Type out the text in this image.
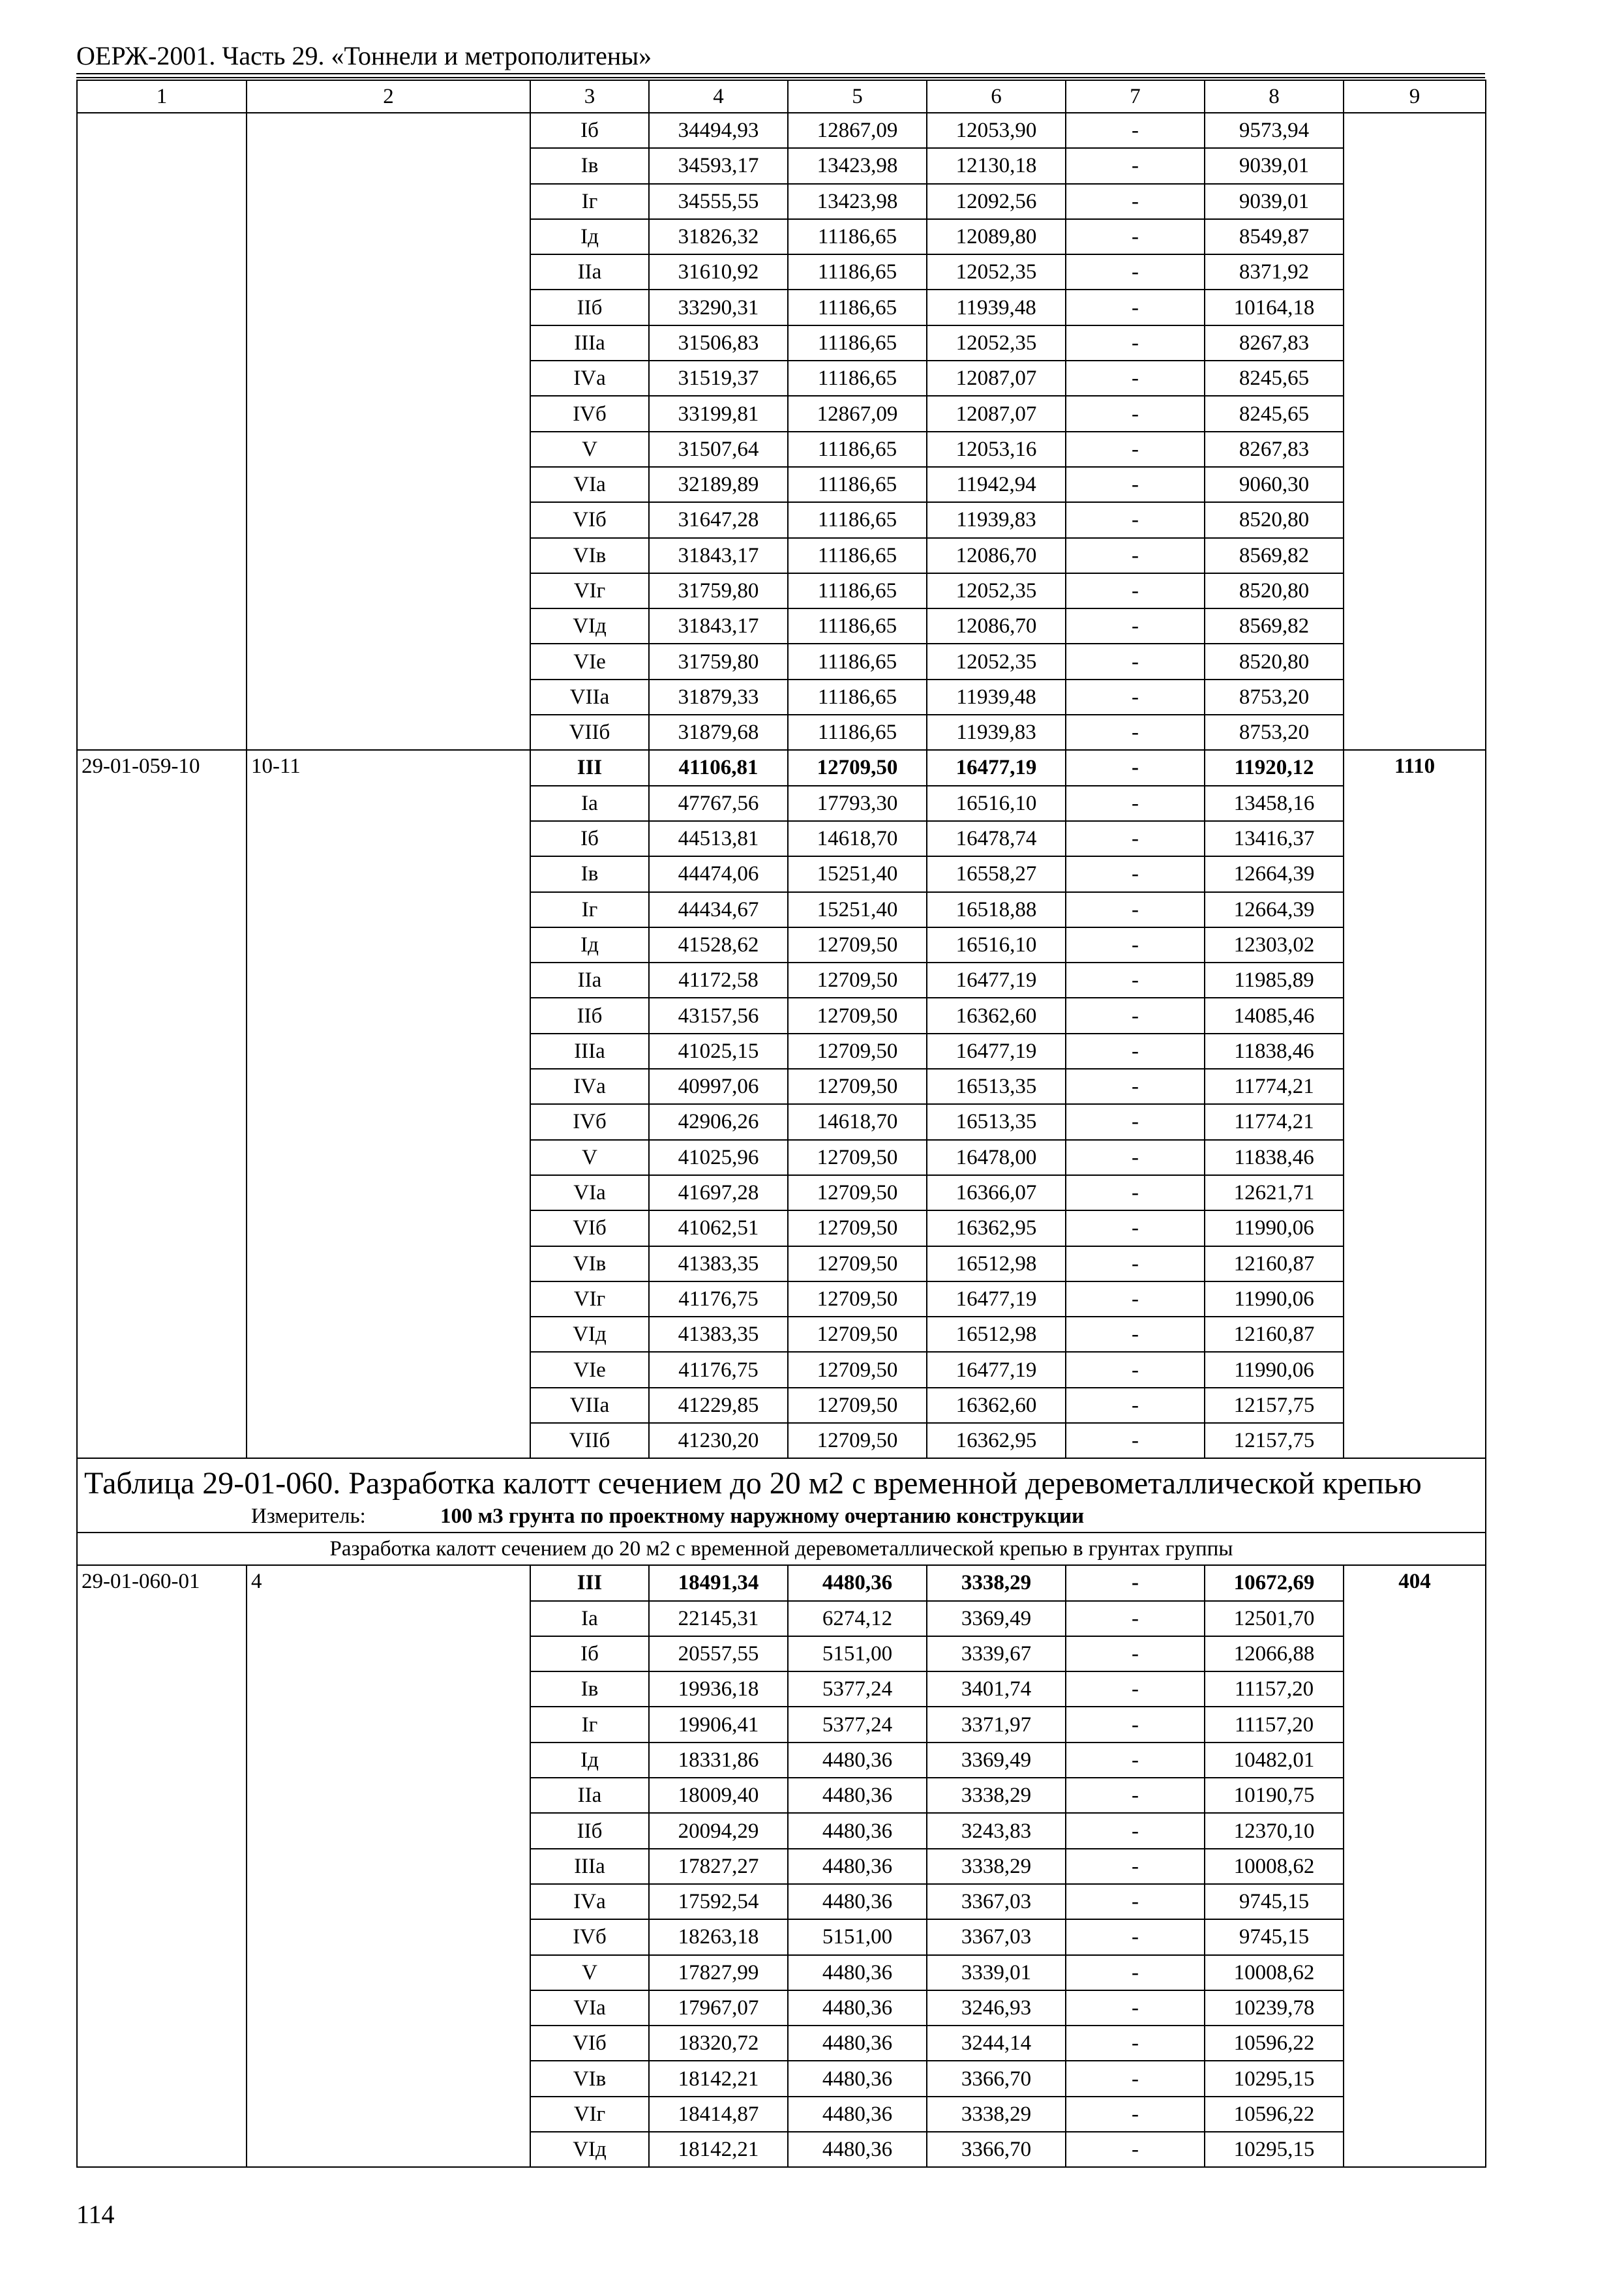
ОЕРЖ-2001. Часть 29. «Тоннели и метрополитены»
1	2	3	4	5	6	7	8	9
		Iб	34494,93	12867,09	12053,90	-	9573,94	
		Iв	34593,17	13423,98	12130,18	-	9039,01	
		Iг	34555,55	13423,98	12092,56	-	9039,01	
		Iд	31826,32	11186,65	12089,80	-	8549,87	
		IIа	31610,92	11186,65	12052,35	-	8371,92	
		IIб	33290,31	11186,65	11939,48	-	10164,18	
		IIIа	31506,83	11186,65	12052,35	-	8267,83	
		IVа	31519,37	11186,65	12087,07	-	8245,65	
		IVб	33199,81	12867,09	12087,07	-	8245,65	
		V	31507,64	11186,65	12053,16	-	8267,83	
		VIа	32189,89	11186,65	11942,94	-	9060,30	
		VIб	31647,28	11186,65	11939,83	-	8520,80	
		VIв	31843,17	11186,65	12086,70	-	8569,82	
		VIг	31759,80	11186,65	12052,35	-	8520,80	
		VIд	31843,17	11186,65	12086,70	-	8569,82	
		VIе	31759,80	11186,65	12052,35	-	8520,80	
		VIIа	31879,33	11186,65	11939,48	-	8753,20	
		VIIб	31879,68	11186,65	11939,83	-	8753,20	
29-01-059-10	10-11	III	41106,81	12709,50	16477,19	-	11920,12	1110
		Iа	47767,56	17793,30	16516,10	-	13458,16	
		Iб	44513,81	14618,70	16478,74	-	13416,37	
		Iв	44474,06	15251,40	16558,27	-	12664,39	
		Iг	44434,67	15251,40	16518,88	-	12664,39	
		Iд	41528,62	12709,50	16516,10	-	12303,02	
		IIа	41172,58	12709,50	16477,19	-	11985,89	
		IIб	43157,56	12709,50	16362,60	-	14085,46	
		IIIа	41025,15	12709,50	16477,19	-	11838,46	
		IVа	40997,06	12709,50	16513,35	-	11774,21	
		IVб	42906,26	14618,70	16513,35	-	11774,21	
		V	41025,96	12709,50	16478,00	-	11838,46	
		VIа	41697,28	12709,50	16366,07	-	12621,71	
		VIб	41062,51	12709,50	16362,95	-	11990,06	
		VIв	41383,35	12709,50	16512,98	-	12160,87	
		VIг	41176,75	12709,50	16477,19	-	11990,06	
		VIд	41383,35	12709,50	16512,98	-	12160,87	
		VIе	41176,75	12709,50	16477,19	-	11990,06	
		VIIа	41229,85	12709,50	16362,60	-	12157,75	
		VIIб	41230,20	12709,50	16362,95	-	12157,75	
Таблица 29-01-060. Разработка калотт сечением до 20 м2 с временной деревометаллической крепью								
Измеритель: 100 м3 грунта по проектному наружному очертанию конструкции								
Разработка калотт сечением до 20 м2 с временной деревометаллической крепью в грунтах группы								
29-01-060-01	4	III	18491,34	4480,36	3338,29	-	10672,69	404
		Iа	22145,31	6274,12	3369,49	-	12501,70	
		Iб	20557,55	5151,00	3339,67	-	12066,88	
		Iв	19936,18	5377,24	3401,74	-	11157,20	
		Iг	19906,41	5377,24	3371,97	-	11157,20	
		Iд	18331,86	4480,36	3369,49	-	10482,01	
		IIа	18009,40	4480,36	3338,29	-	10190,75	
		IIб	20094,29	4480,36	3243,83	-	12370,10	
		IIIа	17827,27	4480,36	3338,29	-	10008,62	
		IVа	17592,54	4480,36	3367,03	-	9745,15	
		IVб	18263,18	5151,00	3367,03	-	9745,15	
		V	17827,99	4480,36	3339,01	-	10008,62	
		VIа	17967,07	4480,36	3246,93	-	10239,78	
		VIб	18320,72	4480,36	3244,14	-	10596,22	
		VIв	18142,21	4480,36	3366,70	-	10295,15	
		VIг	18414,87	4480,36	3338,29	-	10596,22	
		VIд	18142,21	4480,36	3366,70	-	10295,15	
114
